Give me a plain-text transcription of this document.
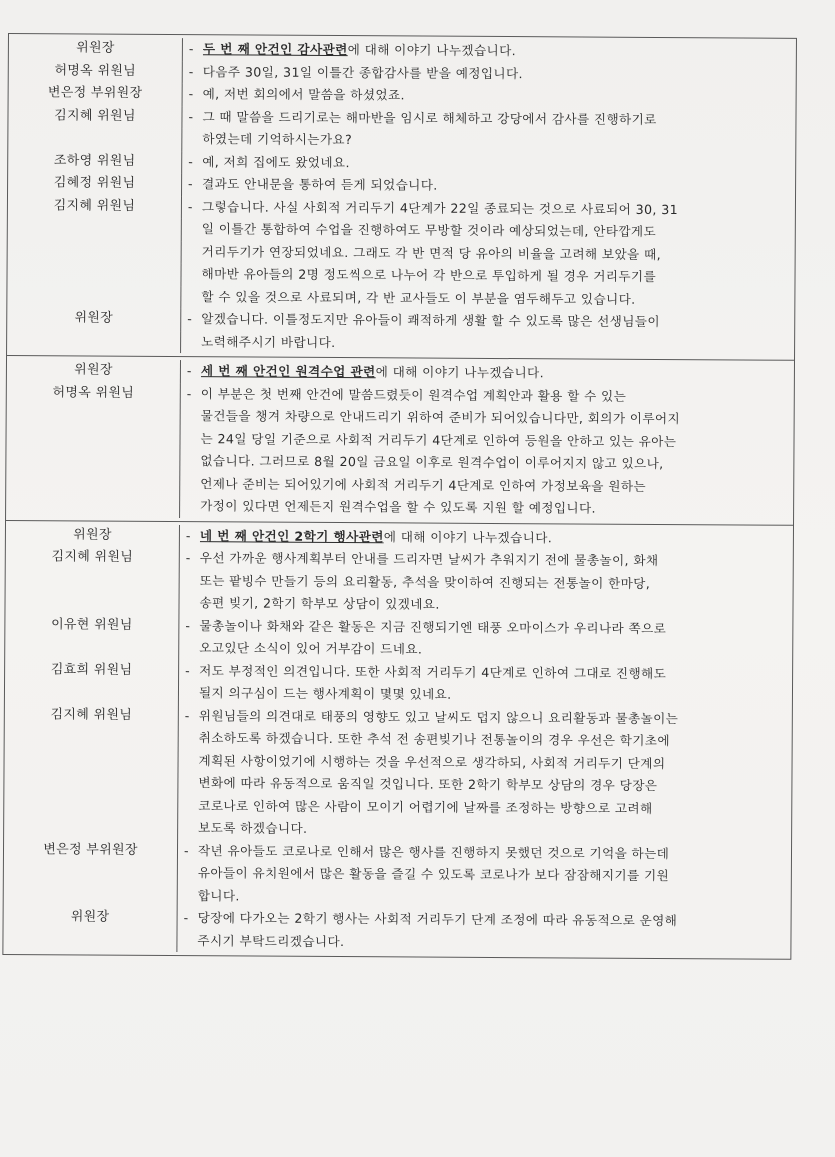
위원장	- 두 번 째 안건인 감사관련에 대해 이야기 나누겠습니다.
허명옥 위원님	- 다음주 30일, 31일 이틀간 종합감사를 받을 예정입니다.
변은정 부위원장	- 예, 저번 회의에서 말씀을 하셨었죠.
김지혜 위원님	- 그 때 말씀을 드리기로는 해마반을 임시로 해체하고 강당에서 감사를 진행하기로
하였는데 기억하시는가요?
조하영 위원님	- 예, 저희 집에도 왔었네요.
김혜정 위원님	- 결과도 안내문을 통하여 듣게 되었습니다.
김지혜 위원님	- 그렇습니다. 사실 사회적 거리두기 4단계가 22일 종료되는 것으로 사료되어 30, 31
일 이틀간 통합하여 수업을 진행하여도 무방할 것이라 예상되었는데, 안타깝게도
거리두기가 연장되었네요. 그래도 각 반 면적 당 유아의 비율을 고려해 보았을 때,
해마반 유아들의 2명 정도씩으로 나누어 각 반으로 투입하게 될 경우 거리두기를
할 수 있을 것으로 사료되며, 각 반 교사들도 이 부분을 염두해두고 있습니다.
위원장	- 알겠습니다. 이틀정도지만 유아들이 쾌적하게 생활 할 수 있도록 많은 선생님들이
노력해주시기 바랍니다.
위원장	- 세 번 째 안건인 원격수업 관련에 대해 이야기 나누겠습니다.
허명옥 위원님	- 이 부분은 첫 번째 안건에 말씀드렸듯이 원격수업 계획안과 활용 할 수 있는
물건들을 챙겨 차량으로 안내드리기 위하여 준비가 되어있습니다만, 회의가 이루어지
는 24일 당일 기준으로 사회적 거리두기 4단계로 인하여 등원을 안하고 있는 유아는
없습니다. 그러므로 8월 20일 금요일 이후로 원격수업이 이루어지지 않고 있으나,
언제나 준비는 되어있기에 사회적 거리두기 4단계로 인하여 가정보육을 원하는
가정이 있다면 언제든지 원격수업을 할 수 있도록 지원 할 예정입니다.
위원장	- 네 번 째 안건인 2학기 행사관련에 대해 이야기 나누겠습니다.
김지혜 위원님	- 우선 가까운 행사계획부터 안내를 드리자면 날씨가 추워지기 전에 물총놀이, 화채
또는 팥빙수 만들기 등의 요리활동, 추석을 맞이하여 진행되는 전통놀이 한마당,
송편 빚기, 2학기 학부모 상담이 있겠네요.
이유현 위원님	- 물총놀이나 화채와 같은 활동은 지금 진행되기엔 태풍 오마이스가 우리나라 쪽으로
오고있단 소식이 있어 거부감이 드네요.
김효희 위원님	- 저도 부정적인 의견입니다. 또한 사회적 거리두기 4단계로 인하여 그대로 진행해도
될지 의구심이 드는 행사계획이 몇몇 있네요.
김지혜 위원님	- 위원님들의 의견대로 태풍의 영향도 있고 날씨도 덥지 않으니 요리활동과 물총놀이는
취소하도록 하겠습니다. 또한 추석 전 송편빚기나 전통놀이의 경우 우선은 학기초에
계획된 사항이었기에 시행하는 것을 우선적으로 생각하되, 사회적 거리두기 단계의
변화에 따라 유동적으로 움직일 것입니다. 또한 2학기 학부모 상담의 경우 당장은
코로나로 인하여 많은 사람이 모이기 어렵기에 날짜를 조정하는 방향으로 고려해
보도록 하겠습니다.
변은정 부위원장	- 작년 유아들도 코로나로 인해서 많은 행사를 진행하지 못했던 것으로 기억을 하는데
유아들이 유치원에서 많은 활동을 즐길 수 있도록 코로나가 보다 잠잠해지기를 기원
합니다.
위원장	- 당장에 다가오는 2학기 행사는 사회적 거리두기 단계 조정에 따라 유동적으로 운영해
주시기 부탁드리겠습니다.
